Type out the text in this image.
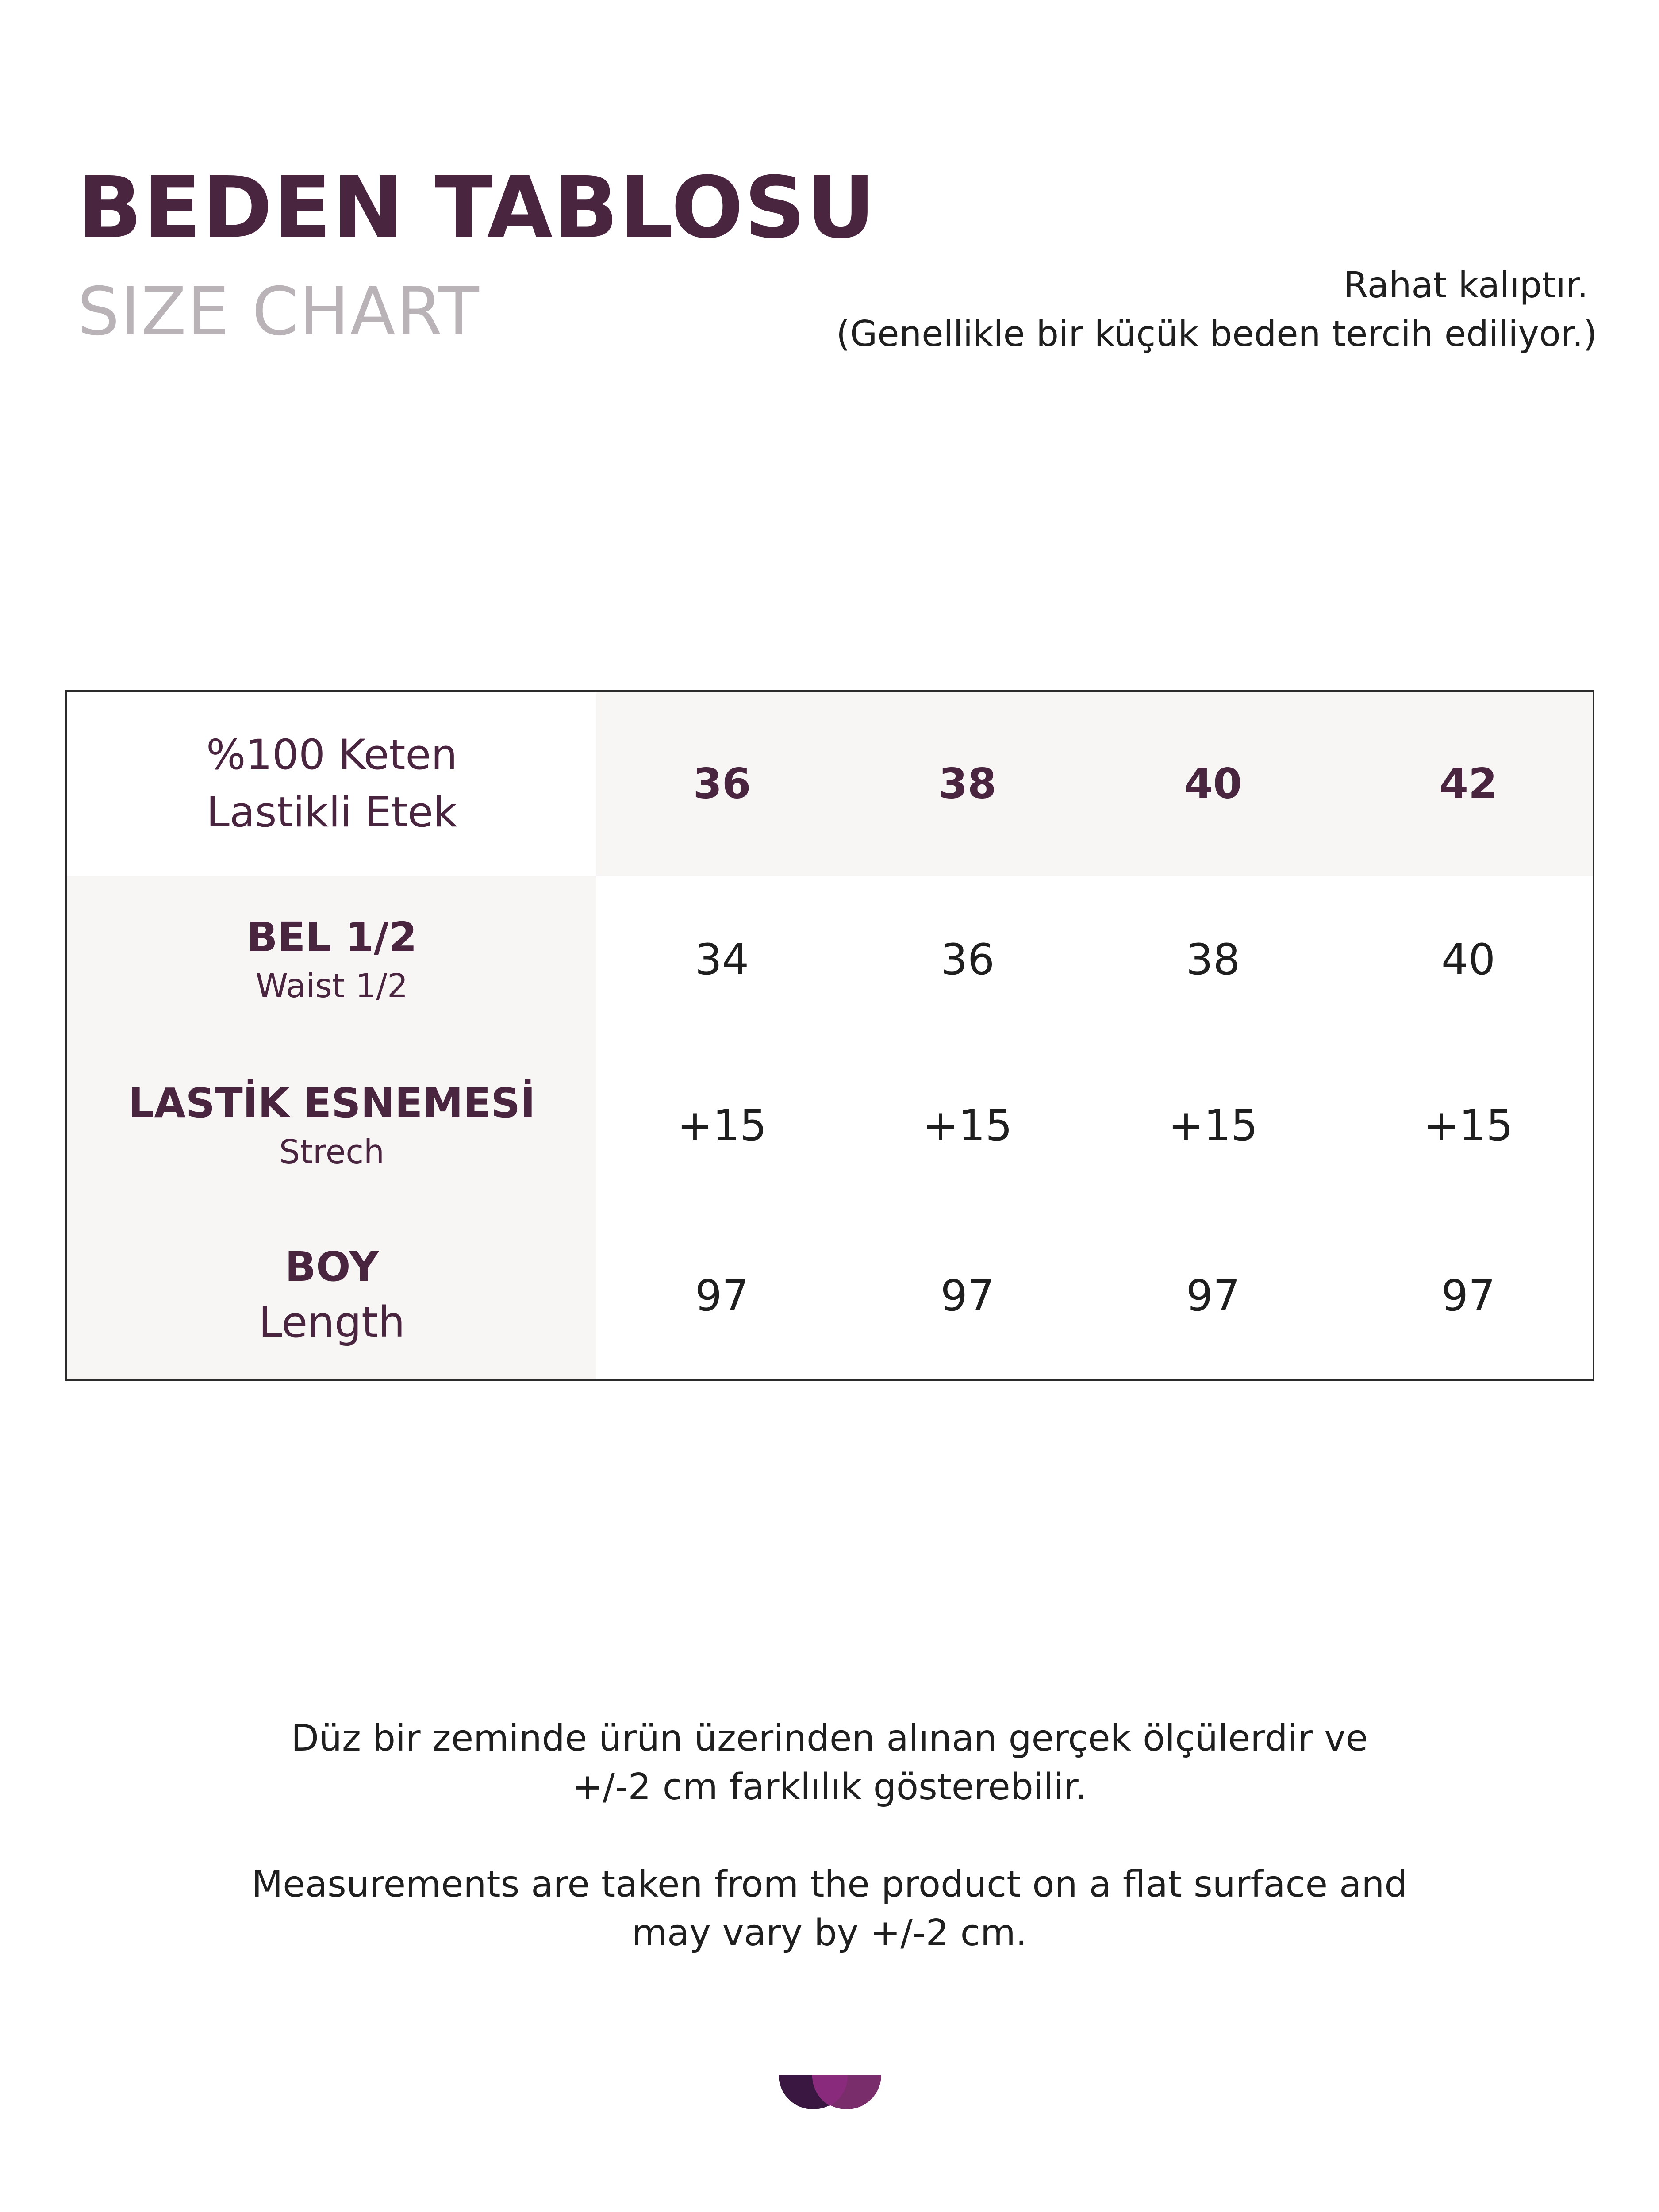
BEDEN TABLOSU
SIZE CHART	Rahat kalıptır.
(Genellikle bir küçük beden tercih ediliyor.)
%100 Keten
Lastikli Etek
36	38	40	42
BEL 1/2
Waist 1/2
34	36	38	40
LASTİK ESNEMESİ
Strech
+15	+15	+15	+15
BOY
Length
97	97	97	97
Düz bir zeminde ürün üzerinden alınan gerçek ölçülerdir ve
+/-2 cm farklılık gösterebilir.
Measurements are taken from the product on a flat surface and
may vary by +/-2 cm.
